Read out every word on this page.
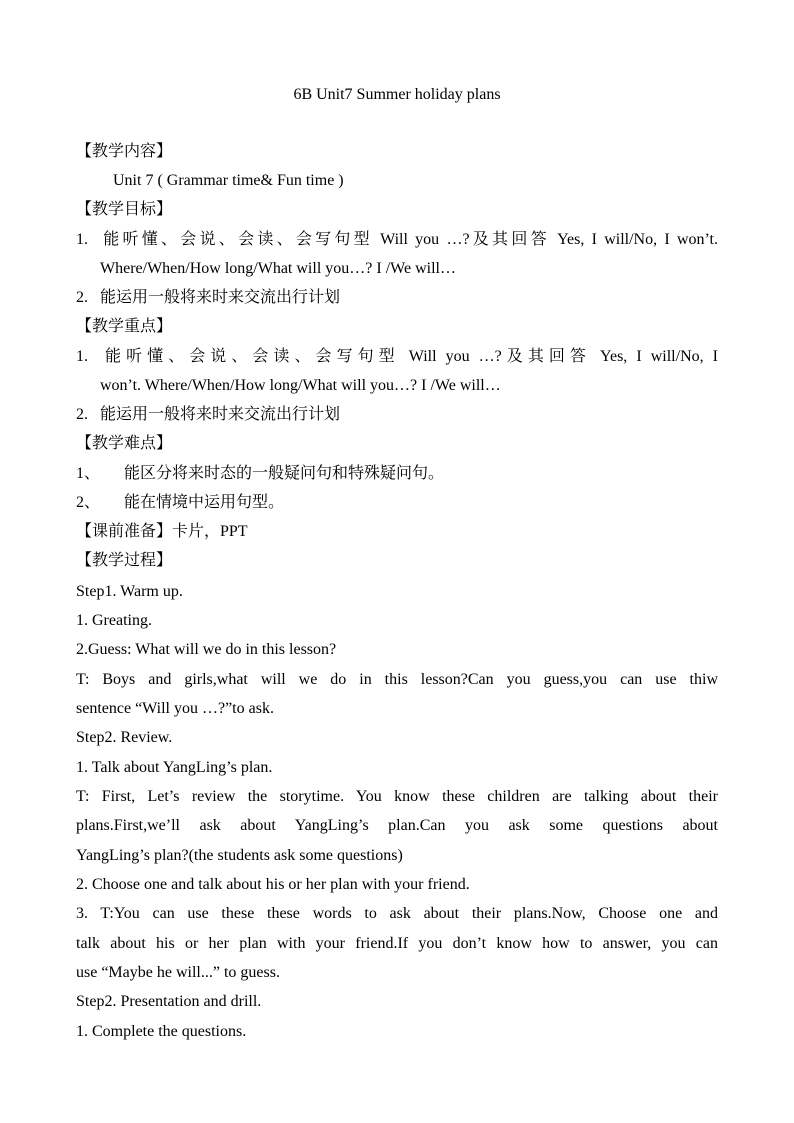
6B Unit7 Summer holiday plans
【教学内容】
Unit 7 ( Grammar time& Fun time )
【教学目标】
1. 能听懂、会说、会读、会写句型 Will you …?及其回答 Yes, I will/No, I won’t.
Where/When/How long/What will you…? I /We will…
2. 能运用一般将来时来交流出行计划
【教学重点】
1. 能听懂、会说、会读、会写句型 Will you …?及其回答 Yes, I will/No, I
won’t. Where/When/How long/What will you…? I /We will…
2. 能运用一般将来时来交流出行计划
【教学难点】
1、 能区分将来时态的一般疑问句和特殊疑问句。
2、 能在情境中运用句型。
【课前准备】卡片，PPT
【教学过程】
Step1. Warm up.
1. Greating.
2.Guess: What will we do in this lesson?
T: Boys and girls,what will we do in this lesson?Can you guess,you can use thiw
sentence “Will you …?”to ask.
Step2. Review.
1. Talk about YangLing’s plan.
T: First, Let’s review the storytime. You know these children are talking about their
plans.First,we’ll ask about YangLing’s plan.Can you ask some questions about
YangLing’s plan?(the students ask some questions)
2. Choose one and talk about his or her plan with your friend.
3. T:You can use these these words to ask about their plans.Now, Choose one and
talk about his or her plan with your friend.If you don’t know how to answer, you can
use “Maybe he will...” to guess.
Step2. Presentation and drill.
1. Complete the questions.
